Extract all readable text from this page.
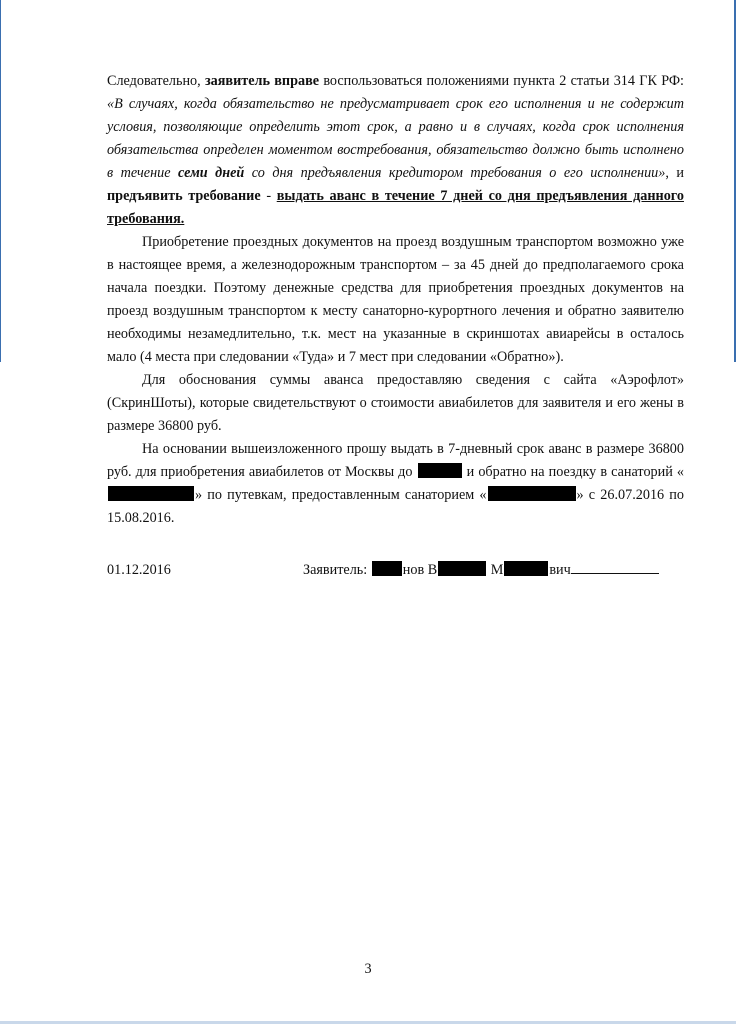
Следовательно, заявитель вправе воспользоваться положениями пункта 2 статьи 314 ГК РФ: «В случаях, когда обязательство не предусматривает срок его исполнения и не содержит условия, позволяющие определить этот срок, а равно и в случаях, когда срок исполнения обязательства определен моментом востребования, обязательство должно быть исполнено в течение семи дней со дня предъявления кредитором требования о его исполнении», и предъявить требование - выдать аванс в течение 7 дней со дня предъявления данного требования.

Приобретение проездных документов на проезд воздушным транспортом возможно уже в настоящее время, а железнодорожным транспортом – за 45 дней до предполагаемого срока начала поездки. Поэтому денежные средства для приобретения проездных документов на проезд воздушным транспортом к месту санаторно-курортного лечения и обратно заявителю необходимы незамедлительно, т.к. мест на указанные в скриншотах авиарейсы в осталось мало (4 места при следовании «Туда» и 7 мест при следовании «Обратно»).

Для обоснования суммы аванса предоставляю сведения с сайта «Аэрофлот» (СкринШоты), которые свидетельствуют о стоимости авиабилетов для заявителя и его жены в размере 36800 руб.

На основании вышеизложенного прошу выдать в 7-дневный срок аванс в размере 36800 руб. для приобретения авиабилетов от Москвы до	и обратно на поездку в санаторий «» по путевкам, предоставленным санаторием «	» с 26.07.2016 по 15.08.2016.

01.12.2016	Заявитель: нов В	М	вич
3
